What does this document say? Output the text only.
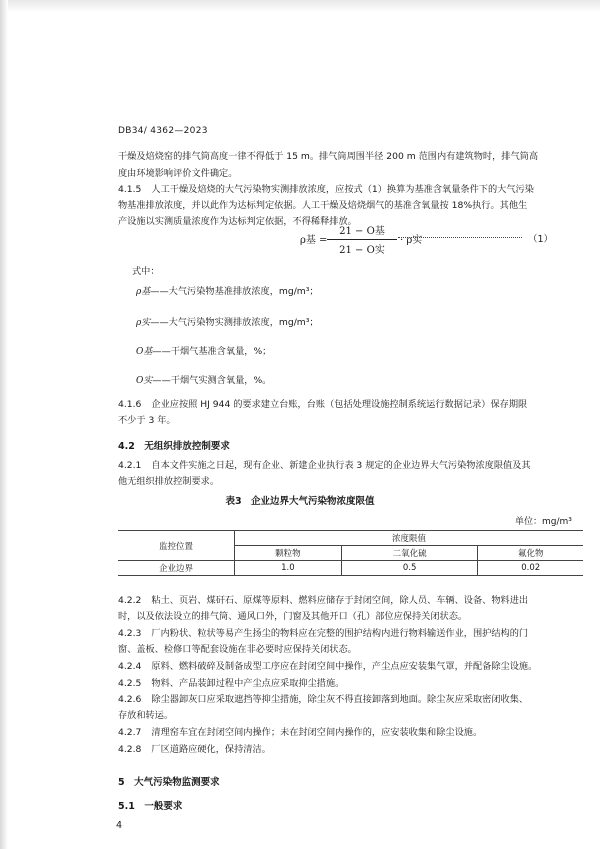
DB34/ 4362—2023
干燥及焙烧窑的排气筒高度一律不得低于 15 m。排气筒周围半径 200 m 范围内有建筑物时，排气筒高
度由环境影响评价文件确定。
4.1.5 人工干燥及焙烧的大气污染物实测排放浓度，应按式（1）换算为基准含氧量条件下的大气污染
物基准排放浓度，并以此作为达标判定依据。人工干燥及焙烧烟气的基准含氧量按 18%执行。其他生
产设施以实测质量浓度作为达标判定依据，不得稀释排放。
ρ基 =
21 − O基
21 − O实
· ρ实	（1）
式中：
ρ基——大气污染物基准排放浓度，mg/m³；
ρ实——大气污染物实测排放浓度，mg/m³；
O基——干烟气基准含氧量，%；
O实——干烟气实测含氧量，%。
4.1.6 企业应按照 HJ 944 的要求建立台账，台账（包括处理设施控制系统运行数据记录）保存期限
不少于 3 年。
4.2　无组织排放控制要求
4.2.1 自本文件实施之日起，现有企业、新建企业执行表 3 规定的企业边界大气污染物浓度限值及其
他无组织排放控制要求。
表3　企业边界大气污染物浓度限值
单位：mg/m³
监控位置	浓度限值		
	颗粒物	二氧化硫	氟化物
企业边界	1.0	0.5	0.02
4.2.2 粘土、页岩、煤矸石、原煤等原料、燃料应储存于封闭空间，除人员、车辆、设备、物料进出
时，以及依法设立的排气筒、通风口外，门窗及其他开口（孔）部位应保持关闭状态。
4.2.3 厂内粉状、粒状等易产生扬尘的物料应在完整的围护结构内进行物料输送作业，围护结构的门
窗、盖板、检修口等配套设施在非必要时应保持关闭状态。
4.2.4 原料、燃料破碎及制备成型工序应在封闭空间中操作，产尘点应安装集气罩，并配备除尘设施。
4.2.5 物料、产品装卸过程中产尘点应采取抑尘措施。
4.2.6 除尘器卸灰口应采取遮挡等抑尘措施，除尘灰不得直接卸落到地面。除尘灰应采取密闭收集、
存放和转运。
4.2.7 清理窑车宜在封闭空间内操作；未在封闭空间内操作的，应安装收集和除尘设施。
4.2.8 厂区道路应硬化，保持清洁。
5　大气污染物监测要求
5.1　一般要求
4
